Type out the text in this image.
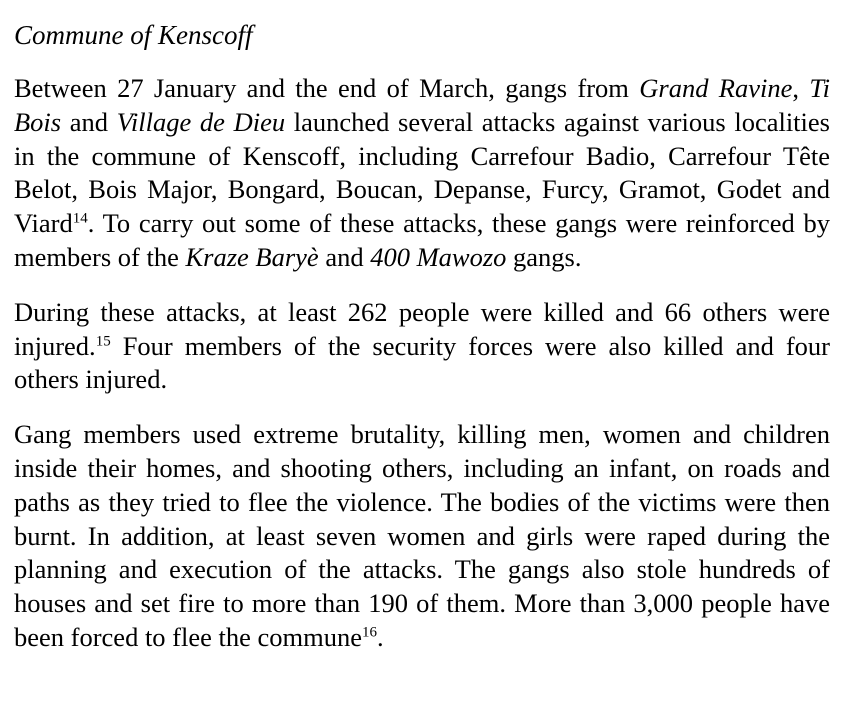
Commune of Kenscoff

Between 27 January and the end of March, gangs from Grand Ravine, Ti Bois and Village de Dieu launched several attacks against various localities in the commune of Kenscoff, including Carrefour Badio, Carrefour Tête Belot, Bois Major, Bongard, Boucan, Depanse, Furcy, Gramot, Godet and Viard$^{14}$. To carry out some of these attacks, these gangs were reinforced by members of the Kraze Baryè and 400 Mawozo gangs.

During these attacks, at least 262 people were killed and 66 others were injured.$^{15}$ Four members of the security forces were also killed and four others injured.

Gang members used extreme brutality, killing men, women and children inside their homes, and shooting others, including an infant, on roads and paths as they tried to flee the violence. The bodies of the victims were then burnt. In addition, at least seven women and girls were raped during the planning and execution of the attacks. The gangs also stole hundreds of houses and set fire to more than 190 of them. More than 3,000 people have been forced to flee the commune$^{16}$.
